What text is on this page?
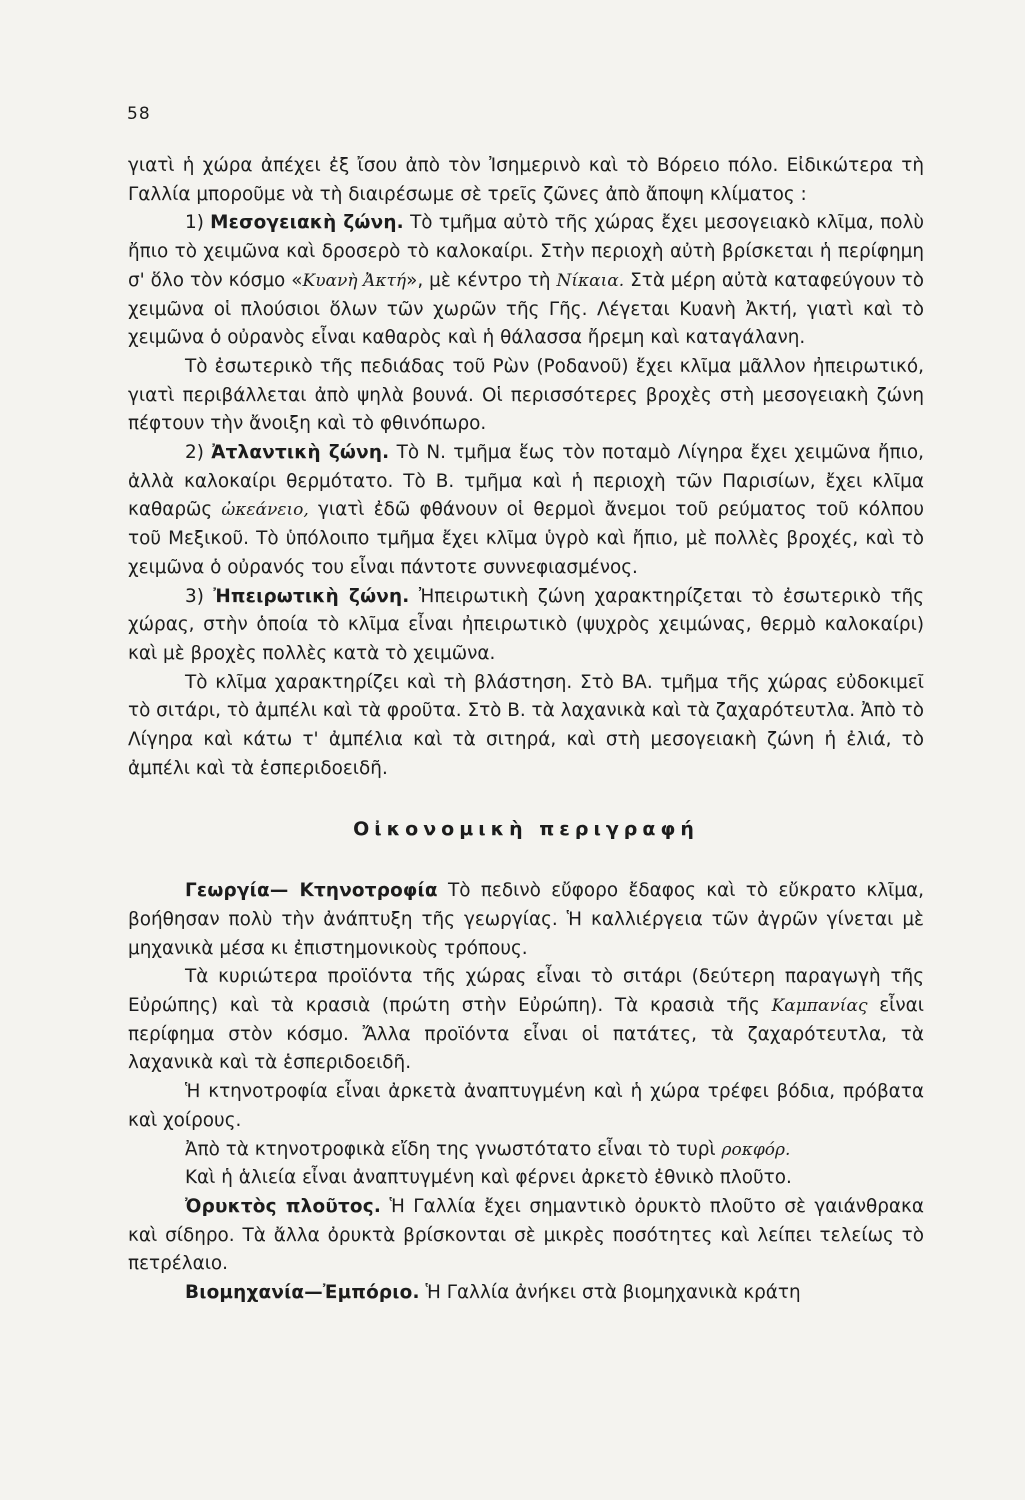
58

γιατὶ ἡ χώρα ἀπέχει ἐξ ἴσου ἀπὸ τὸν Ἰσημερινὸ καὶ τὸ Βόρειο πόλο. Εἰδικώτερα τὴ Γαλλία μποροῦμε νὰ τὴ διαιρέσωμε σὲ τρεῖς ζῶνες ἀπὸ ἄποψη κλίματος :

1) Μεσογειακὴ ζώνη. Τὸ τμῆμα αὐτὸ τῆς χώρας ἔχει μεσογειακὸ κλῖμα, πολὺ ἤπιο τὸ χειμῶνα καὶ δροσερὸ τὸ καλοκαίρι. Στὴν περιοχὴ αὐτὴ βρίσκεται ἡ περίφημη σ' ὅλο τὸν κόσμο «Κυανὴ Ἀκτή», μὲ κέντρο τὴ Νίκαια. Στὰ μέρη αὐτὰ καταφεύγουν τὸ χειμῶνα οἱ πλούσιοι ὅλων τῶν χωρῶν τῆς Γῆς. Λέγεται Κυανὴ Ἀκτή, γιατὶ καὶ τὸ χειμῶνα ὁ οὐρανὸς εἶναι καθαρὸς καὶ ἡ θάλασσα ἤρεμη καὶ καταγάλανη.

Τὸ ἐσωτερικὸ τῆς πεδιάδας τοῦ Ρὼν (Ροδανοῦ) ἔχει κλῖμα μᾶλλον ἠπειρωτικό, γιατὶ περιβάλλεται ἀπὸ ψηλὰ βουνά. Οἱ περισσότερες βροχὲς στὴ μεσογειακὴ ζώνη πέφτουν τὴν ἄνοιξη καὶ τὸ φθινόπωρο.

2) Ἀτλαντικὴ ζώνη. Τὸ Ν. τμῆμα ἕως τὸν ποταμὸ Λίγηρα ἔχει χειμῶνα ἤπιο, ἀλλὰ καλοκαίρι θερμότατο. Τὸ Β. τμῆμα καὶ ἡ περιοχὴ τῶν Παρισίων, ἔχει κλῖμα καθαρῶς ὠκεάνειο, γιατὶ ἐδῶ φθάνουν οἱ θερμοὶ ἄνεμοι τοῦ ρεύματος τοῦ κόλπου τοῦ Μεξικοῦ. Τὸ ὑπόλοιπο τμῆμα ἔχει κλῖμα ὑγρὸ καὶ ἤπιο, μὲ πολλὲς βροχές, καὶ τὸ χειμῶνα ὁ οὐρανός του εἶναι πάντοτε συννεφιασμένος.

3) Ἠπειρωτικὴ ζώνη. Ἠπειρωτικὴ ζώνη χαρακτηρίζεται τὸ ἐσωτερικὸ τῆς χώρας, στὴν ὁποία τὸ κλῖμα εἶναι ἠπειρωτικὸ (ψυχρὸς χειμώνας, θερμὸ καλοκαίρι) καὶ μὲ βροχὲς πολλὲς κατὰ τὸ χειμῶνα.

Τὸ κλῖμα χαρακτηρίζει καὶ τὴ βλάστηση. Στὸ ΒΑ. τμῆμα τῆς χώρας εὐδοκιμεῖ τὸ σιτάρι, τὸ ἀμπέλι καὶ τὰ φροῦτα. Στὸ Β. τὰ λαχανικὰ καὶ τὰ ζαχαρότευτλα. Ἀπὸ τὸ Λίγηρα καὶ κάτω τ' ἀμπέλια καὶ τὰ σιτηρά, καὶ στὴ μεσογειακὴ ζώνη ἡ ἐλιά, τὸ ἀμπέλι καὶ τὰ ἑσπεριδοειδῆ.

Οἰκονομικὴ περιγραφή

Γεωργία— Κτηνοτροφία Τὸ πεδινὸ εὔφορο ἔδαφος καὶ τὸ εὔκρατο κλῖμα, βοήθησαν πολὺ τὴν ἀνάπτυξη τῆς γεωργίας. Ἡ καλλιέργεια τῶν ἀγρῶν γίνεται μὲ μηχανικὰ μέσα κι ἐπιστημονικοὺς τρόπους.

Τὰ κυριώτερα προϊόντα τῆς χώρας εἶναι τὸ σιτάρι (δεύτερη παραγωγὴ τῆς Εὐρώπης) καὶ τὰ κρασιὰ (πρώτη στὴν Εὐρώπη). Τὰ κρασιὰ τῆς Καμπανίας εἶναι περίφημα στὸν κόσμο. Ἄλλα προϊόντα εἶναι οἱ πατάτες, τὰ ζαχαρότευτλα, τὰ λαχανικὰ καὶ τὰ ἑσπεριδοειδῆ.

Ἡ κτηνοτροφία εἶναι ἀρκετὰ ἀναπτυγμένη καὶ ἡ χώρα τρέφει βόδια, πρόβατα καὶ χοίρους.

Ἀπὸ τὰ κτηνοτροφικὰ εἴδη της γνωστότατο εἶναι τὸ τυρὶ ροκφόρ.

Καὶ ἡ ἁλιεία εἶναι ἀναπτυγμένη καὶ φέρνει ἀρκετὸ ἐθνικὸ πλοῦτο.

Ὀρυκτὸς πλοῦτος. Ἡ Γαλλία ἔχει σημαντικὸ ὀρυκτὸ πλοῦτο σὲ γαιάνθρακα καὶ σίδηρο. Τὰ ἄλλα ὀρυκτὰ βρίσκονται σὲ μικρὲς ποσότητες καὶ λείπει τελείως τὸ πετρέλαιο.

Βιομηχανία—Ἐμπόριο. Ἡ Γαλλία ἀνήκει στὰ βιομηχανικὰ κράτη
